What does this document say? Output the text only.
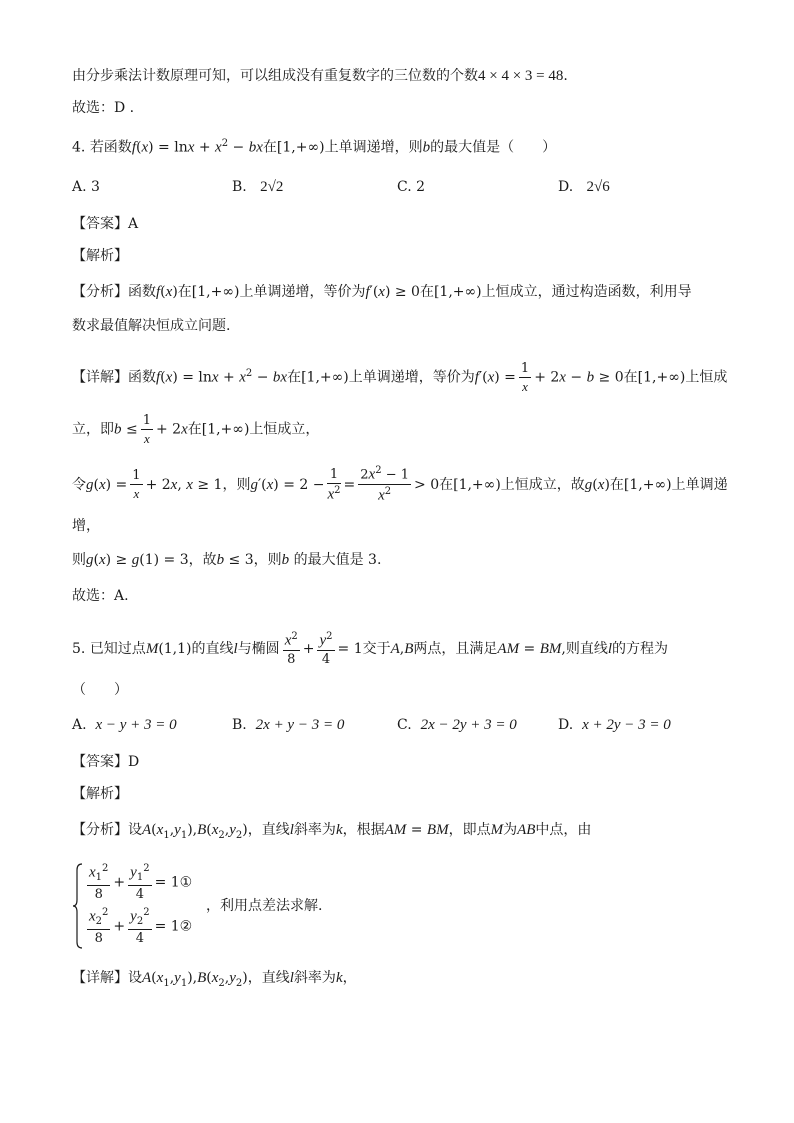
由分步乘法计数原理可知，可以组成没有重复数字的三位数的个数4 × 4 × 3 = 48.
故选：D .
4. 若函数$f(x) = \ln x + x^2$ − bx在[1,+∞)上单调递增，则b的最大值是（　　）
A. 3	B. 2√2	C. 2	D. 2√6
【答案】A
【解析】
【分析】函数f(x)在[1,+∞)上单调递增，等价为f′(x) ≥ 0在[1,+∞)上恒成立，通过构造函数，利用导
数求最值解决恒成立问题.
【详解】函数$f(x) = \ln x + x^2$ − bx在[1,+∞)上单调递增，等价为$f'(x) = \frac{1}{x} + 2x - b \ge 0$在[1,+∞)上恒成
立，即$b \le \frac{1}{x} + 2x$在[1,+∞)上恒成立，
令$g(x) = \frac{1}{x} + 2x$, x ≥ 1，则$g'(x) = 2 - \frac{1}{x^2} = \frac{2x^2 - 1}{x^2} > 0$在[1,+∞)上恒成立，故g(x)在[1,+∞)上单调递
增，
则g(x) ≥ g(1) = 3，故b ≤ 3，则b 的最大值是 3.
故选：A.
5. 已知过点M(1,1)的直线l与椭圆 $\frac{x^2}{8} + \frac{y^2}{4} = 1$交于A,B两点，且满足AM = BM,则直线l的方程为
（　　）
A. x − y + 3 = 0	B. 2x + y − 3 = 0	C. 2x − 2y + 3 = 0	D. x + 2y − 3 = 0
【答案】D
【解析】
【分析】设$A(x_1,y_1),B(x_2,y_2)$，直线l斜率为k，根据AM = BM，即点M为AB中点，由
$\frac{x_1^2}{8} + \frac{y_1^2}{4}$ = 1①
$\frac{x_2^2}{8} + \frac{y_2^2}{4}$ = 1②
，利用点差法求解.
【详解】设$A(x_1,y_1),B(x_2,y_2)$，直线l斜率为k，
